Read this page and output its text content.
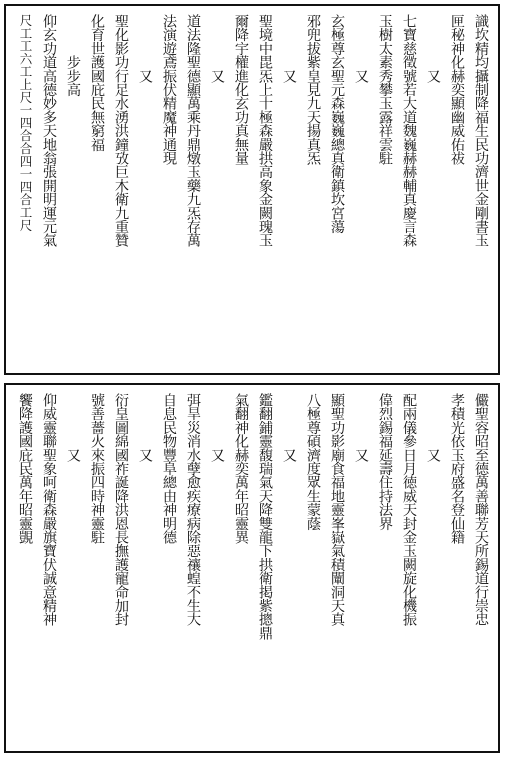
識坎精均攝制降福生民功濟世金剛書玉
匣秘神化赫奕顯幽威佑祓
　　　　又
七寶慈徵號若大道魏巍赫赫輔真慶言森
玉樹太素秀攀玉露祥雲駐
　　　　又
玄極尊玄聖元森巍巍總真衛鎮坎宮蕩
邪兜拔紫皇見九天揚真炁
　　　　又
聖境中毘炁上十極森嚴拱高象金闕瑰玉
爾降宇權進化玄功真無量
　　　　又
道法隆聖德顯萬乘丹鼎燉玉藥九炁存萬
法演遊鳶振伏精魔神通現
　　　　又
聖化影功行足水湧洪鐘攷巨木衛九重贊
化育世護國庇民無窮福
　　　步步高
仰玄功道高德妙多天地翁張開明運元氣
尺工工六工上尺一四合合四一四合工尺
儼聖容昭至德萬善聯芳天所錫道行崇忠
孝積光依玉府盛名登仙籍
　　　　又
配兩儀參日月徳威天封金玉闕旋化機振
偉烈錫福延壽住持法界
　　　　又
顯聖功影廟食福地靈峯嶽氣積闡洞天真
八極尊碩濟度眾生蒙蔭
　　　　又
鑑翻鋪靈馥瑞氣天降雙龍下拱衛掲紫摠鼎
氣翻神化赫奕萬年昭靈異
　　　　又
弭旱災消水孽愈疾療病除惡禳蝗不生大
自息民物豐阜總由神明德
　　　　又
衍皇圖綿國祚誕降洪恩長撫護寵命加封
號善薔火來振四時神靈駐
　　　　又
仰威靈聯聖象呵衛森嚴旗寶伏誠意精神
饗降護國庇民萬年昭靈覬
